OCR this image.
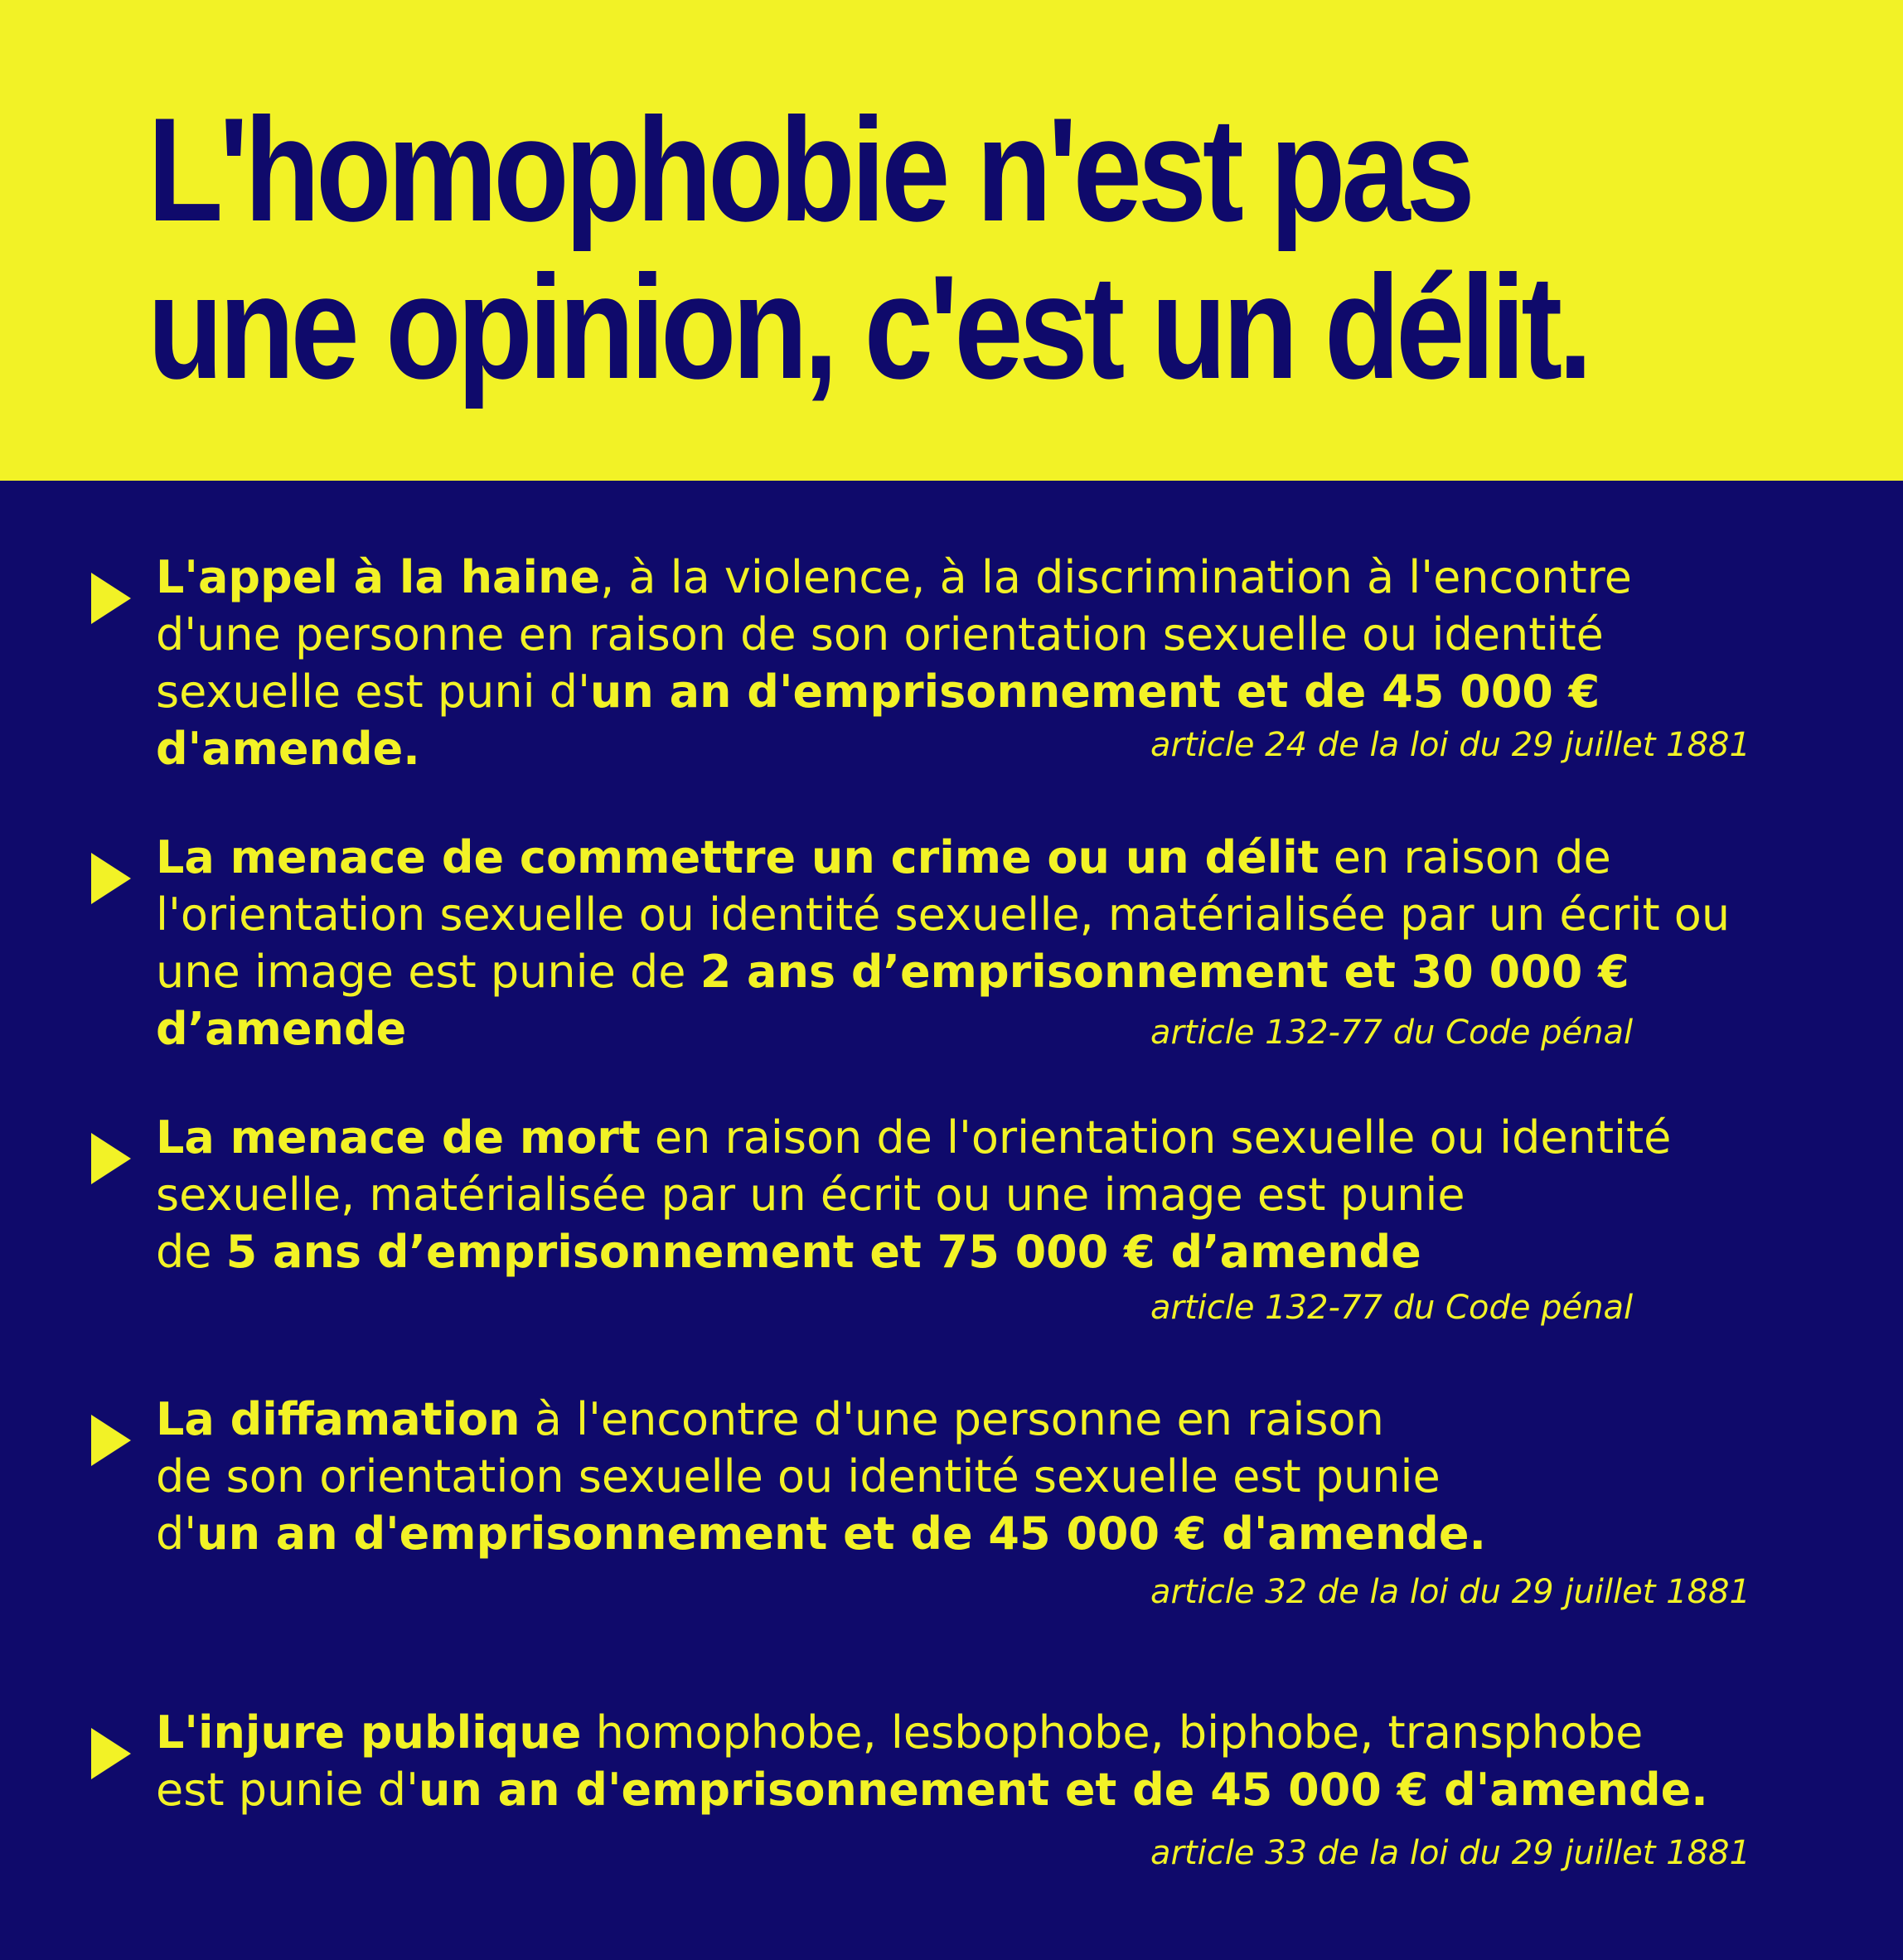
L'homophobie n'est pas
une opinion, c'est un délit.
L'appel à la haine, à la violence, à la discrimination à l'encontre
d'une personne en raison de son orientation sexuelle ou identité
sexuelle est puni d'un an d'emprisonnement et de 45 000 €
d'amende.	article 24 de la loi du 29 juillet 1881
La menace de commettre un crime ou un délit en raison de
l'orientation sexuelle ou identité sexuelle, matérialisée par un écrit ou
une image est punie de 2 ans d’emprisonnement et 30 000 €
d’amende	article 132-77 du Code pénal
La menace de mort en raison de l'orientation sexuelle ou identité
sexuelle, matérialisée par un écrit ou une image est punie
de 5 ans d’emprisonnement et 75 000 € d’amende
article 132-77 du Code pénal
La diffamation à l'encontre d'une personne en raison
de son orientation sexuelle ou identité sexuelle est punie
d'un an d'emprisonnement et de 45 000 € d'amende.
article 32 de la loi du 29 juillet 1881
L'injure publique homophobe, lesbophobe, biphobe, transphobe
est punie d'un an d'emprisonnement et de 45 000 € d'amende.
article 33 de la loi du 29 juillet 1881
